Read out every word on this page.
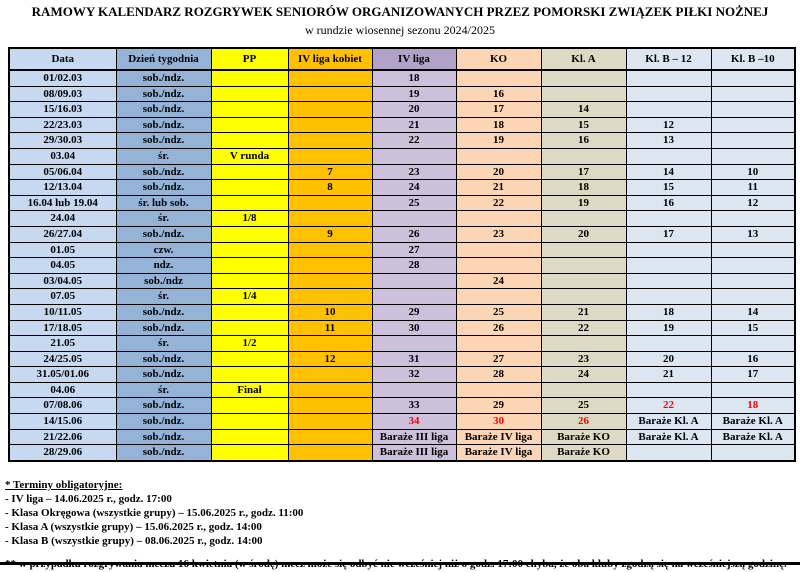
RAMOWY KALENDARZ ROZGRYWEK SENIORÓW ORGANIZOWANYCH PRZEZ POMORSKI ZWIĄZEK PIŁKI NOŻNEJ
w rundzie wiosennej sezonu 2024/2025
Data	Dzień tygodnia	PP	IV liga kobiet	IV liga	KO	Kl. A	Kl. B – 12	Kl. B –10
01/02.03	sob./ndz.			18				
08/09.03	sob./ndz.			19	16			
15/16.03	sob./ndz.			20	17	14		
22/23.03	sob./ndz.			21	18	15	12	
29/30.03	sob./ndz.			22	19	16	13	
03.04	śr.	V runda						
05/06.04	sob./ndz.		7	23	20	17	14	10
12/13.04	sob./ndz.		8	24	21	18	15	11
16.04 lub 19.04	śr. lub sob.			25	22	19	16	12
24.04	śr.	1/8						
26/27.04	sob./ndz.		9	26	23	20	17	13
01.05	czw.			27				
04.05	ndz.			28				
03/04.05	sob./ndz				24			
07.05	śr.	1/4						
10/11.05	sob./ndz.		10	29	25	21	18	14
17/18.05	sob./ndz.		11	30	26	22	19	15
21.05	śr.	1/2						
24/25.05	sob./ndz.		12	31	27	23	20	16
31.05/01.06	sob./ndz.			32	28	24	21	17
04.06	śr.	Finał						
07/08.06	sob./ndz.			33	29	25	22	18
14/15.06	sob./ndz.			34	30	26	Baraże Kl. A	Baraże Kl. A
21/22.06	sob./ndz.			Baraże III liga	Baraże IV liga	Baraże KO	Baraże Kl. A	Baraże Kl. A
28/29.06	sob./ndz.			Baraże III liga	Baraże IV liga	Baraże KO		
* Terminy obligatoryjne:
- IV liga – 14.06.2025 r., godz. 17:00
- Klasa Okręgowa (wszystkie grupy) – 15.06.2025 r., godz. 11:00
- Klasa A (wszystkie grupy) – 15.06.2025 r., godz. 14:00
- Klasa B (wszystkie grupy) – 08.06.2025 r., godz. 14:00
